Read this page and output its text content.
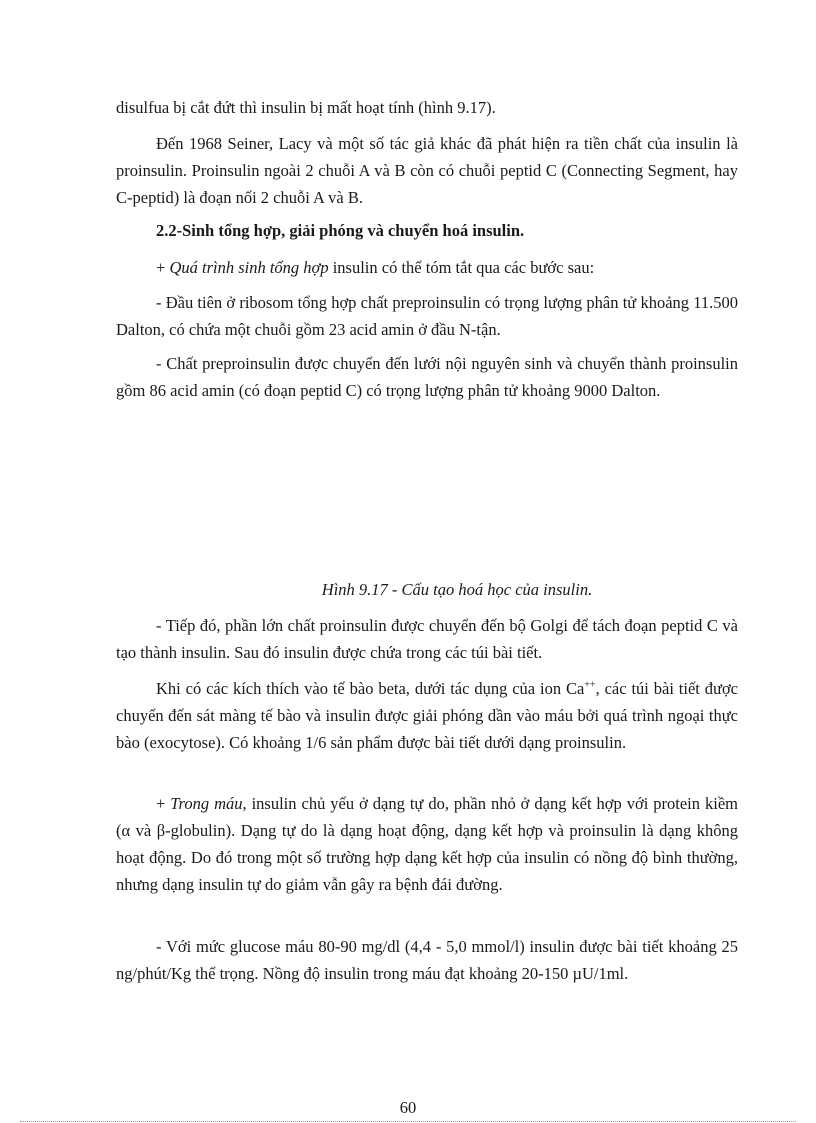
disulfua bị cắt đứt thì insulin bị mất hoạt tính (hình 9.17).

Đến 1968 Seiner, Lacy và một số tác giả khác đã phát hiện ra tiền chất của insulin là proinsulin. Proinsulin ngoài 2 chuỗi A và B còn có chuỗi peptid C (Connecting Segment, hay C-peptid) là đoạn nối 2 chuỗi A và B.

2.2-Sinh tổng hợp, giải phóng và chuyển hoá insulin.

+ Quá trình sinh tổng hợp insulin có thể tóm tắt qua các bước sau:

- Đầu tiên ở ribosom tổng hợp chất preproinsulin có trọng lượng phân tử khoảng 11.500 Dalton, có chứa một chuỗi gồm 23 acid amin ở đầu N-tận.

- Chất preproinsulin được chuyển đến lưới nội nguyên sinh và chuyển thành proinsulin gồm 86 acid amin (có đoạn peptid C) có trọng lượng phân tử khoảng 9000 Dalton.

Hình 9.17 - Cấu tạo hoá học của insulin.

- Tiếp đó, phần lớn chất proinsulin được chuyển đến bộ Golgi để tách đoạn peptid C và tạo thành insulin. Sau đó insulin được chứa trong các túi bài tiết.

Khi có các kích thích vào tế bào beta, dưới tác dụng của ion Ca++, các túi bài tiết được chuyển đến sát màng tế bào và insulin được giải phóng dần vào máu bởi quá trình ngoại thực bào (exocytose). Có khoảng 1/6 sản phẩm được bài tiết dưới dạng proinsulin.

+ Trong máu, insulin chủ yếu ở dạng tự do, phần nhỏ ở dạng kết hợp với protein kiềm (α và β-globulin). Dạng tự do là dạng hoạt động, dạng kết hợp và proinsulin là dạng không hoạt động. Do đó trong một số trường hợp dạng kết hợp của insulin có nồng độ bình thường, nhưng dạng insulin tự do giảm vẫn gây ra bệnh đái đường.

- Với mức glucose máu 80-90 mg/dl (4,4 - 5,0 mmol/l) insulin được bài tiết khoảng 25 ng/phút/Kg thể trọng. Nồng độ insulin trong máu đạt khoảng 20-150 µU/1ml.

60
